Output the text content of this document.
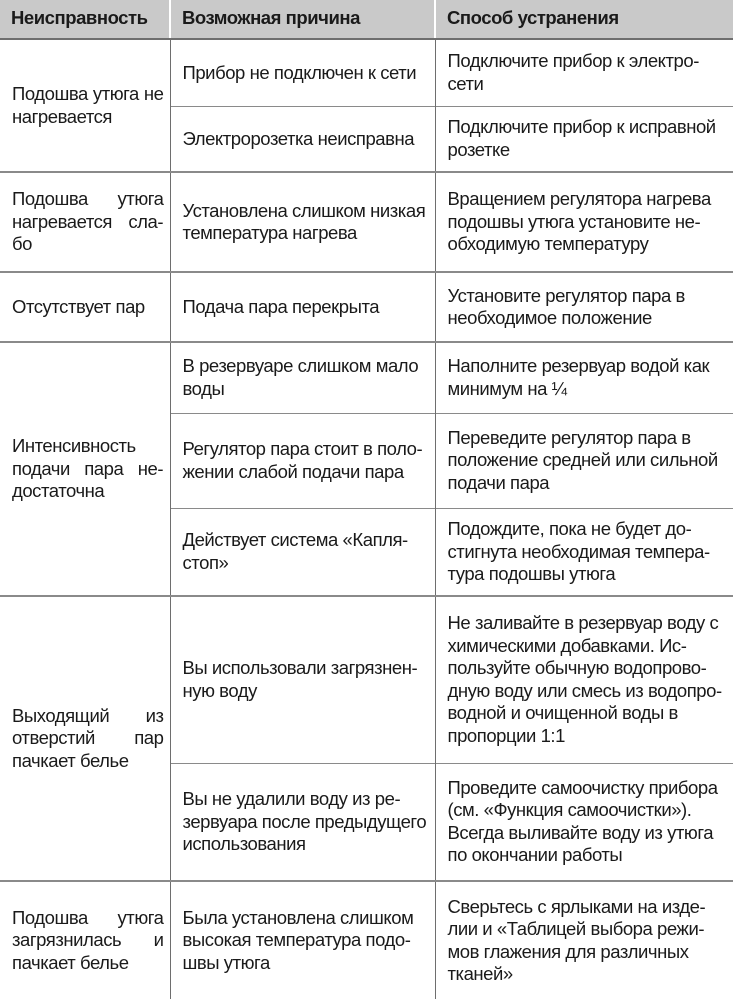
Неисправность	Возможная причина	Способ устранения
Подошва утюга не нагревается	Прибор не подключен к сети	Подключите прибор к электросети
	Электророзетка неисправна	Подключите прибор к исправной розетке
Подошва утюга нагревается слабо	Установлена слишком низкая температура нагрева	Вращением регулятора нагрева подошвы утюга установите необходимую температуру
Отсутствует пар	Подача пара перекрыта	Установите регулятор пара в необходимое положение
Интенсивность подачи пара недостаточна	В резервуаре слишком мало воды	Наполните резервуар водой как минимум на ¼
	Регулятор пара стоит в положении слабой подачи пара	Переведите регулятор пара в положение средней или сильной подачи пара
	Действует система «Капля-стоп»	Подождите, пока не будет достигнута необходимая температура подошвы утюга
Выходящий из отверстий пар пачкает белье	Вы использовали загрязненную воду	Не заливайте в резервуар воду с химическими добавками. Используйте обычную водопроводную воду или смесь из водопроводной и очищенной воды в пропорции 1:1
	Вы не удалили воду из резервуара после предыдущего использования	Проведите самоочистку прибора (см. «Функция самоочистки»). Всегда выливайте воду из утюга по окончании работы
Подошва утюга загрязнилась и пачкает белье	Была установлена слишком высокая температура подошвы утюга	Сверьтесь с ярлыками на изделии и «Таблицей выбора режимов глажения для различных тканей»
